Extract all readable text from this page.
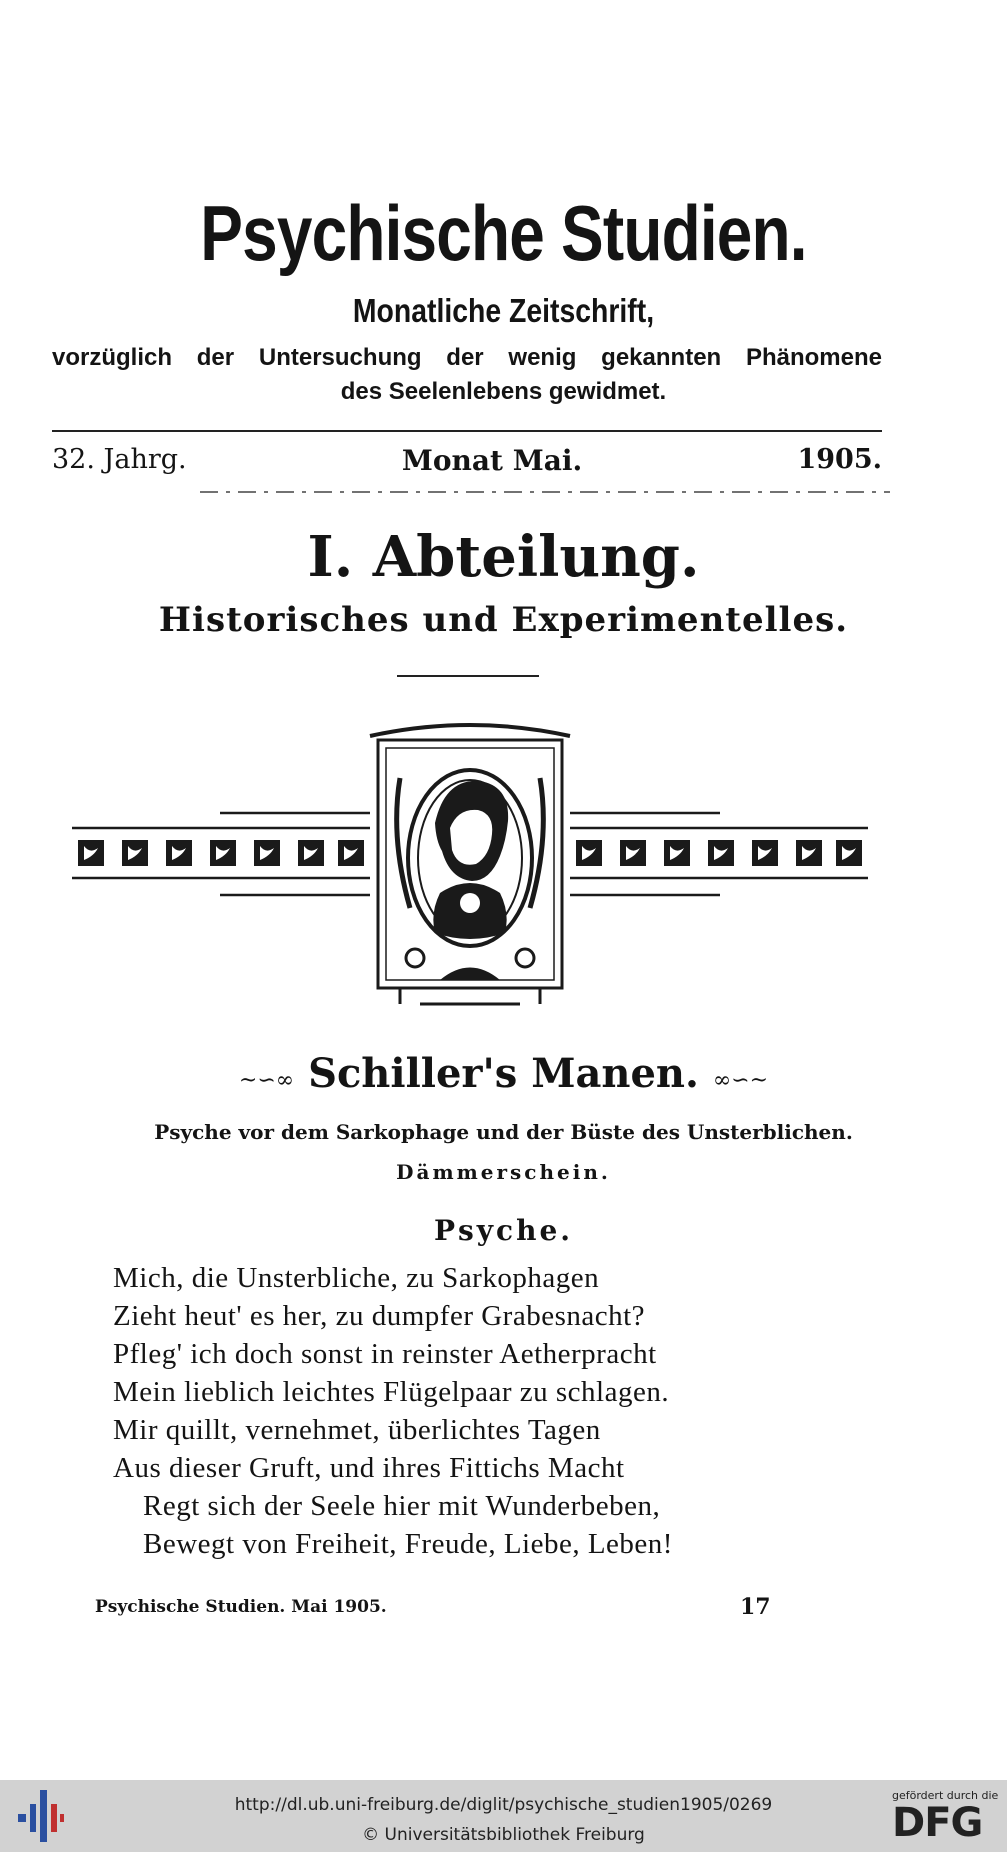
Psychische Studien.
Monatliche Zeitschrift,
vorzüglich der Untersuchung der wenig gekannten Phänomene
des Seelenlebens gewidmet.
32. Jahrg.	Monat Mai.	1905.
I. Abteilung.
Historisches und Experimentelles.
~∽∞ Schiller's Manen. ∞∽~
Psyche vor dem Sarkophage und der Büste des Unsterblichen.
Dämmerschein.
Psyche.
Mich, die Unsterbliche, zu Sarkophagen
Zieht heut' es her, zu dumpfer Grabesnacht?
Pfleg' ich doch sonst in reinster Aetherpracht
Mein lieblich leichtes Flügelpaar zu schlagen.
Mir quillt, vernehmet, überlichtes Tagen
Aus dieser Gruft, und ihres Fittichs Macht
Regt sich der Seele hier mit Wunderbeben,
Bewegt von Freiheit, Freude, Liebe, Leben!
Psychische Studien. Mai 1905.	17
http://dl.ub.uni-freiburg.de/diglit/psychische_studien1905/0269
© Universitätsbibliothek Freiburg
gefördert durch die
DFG
